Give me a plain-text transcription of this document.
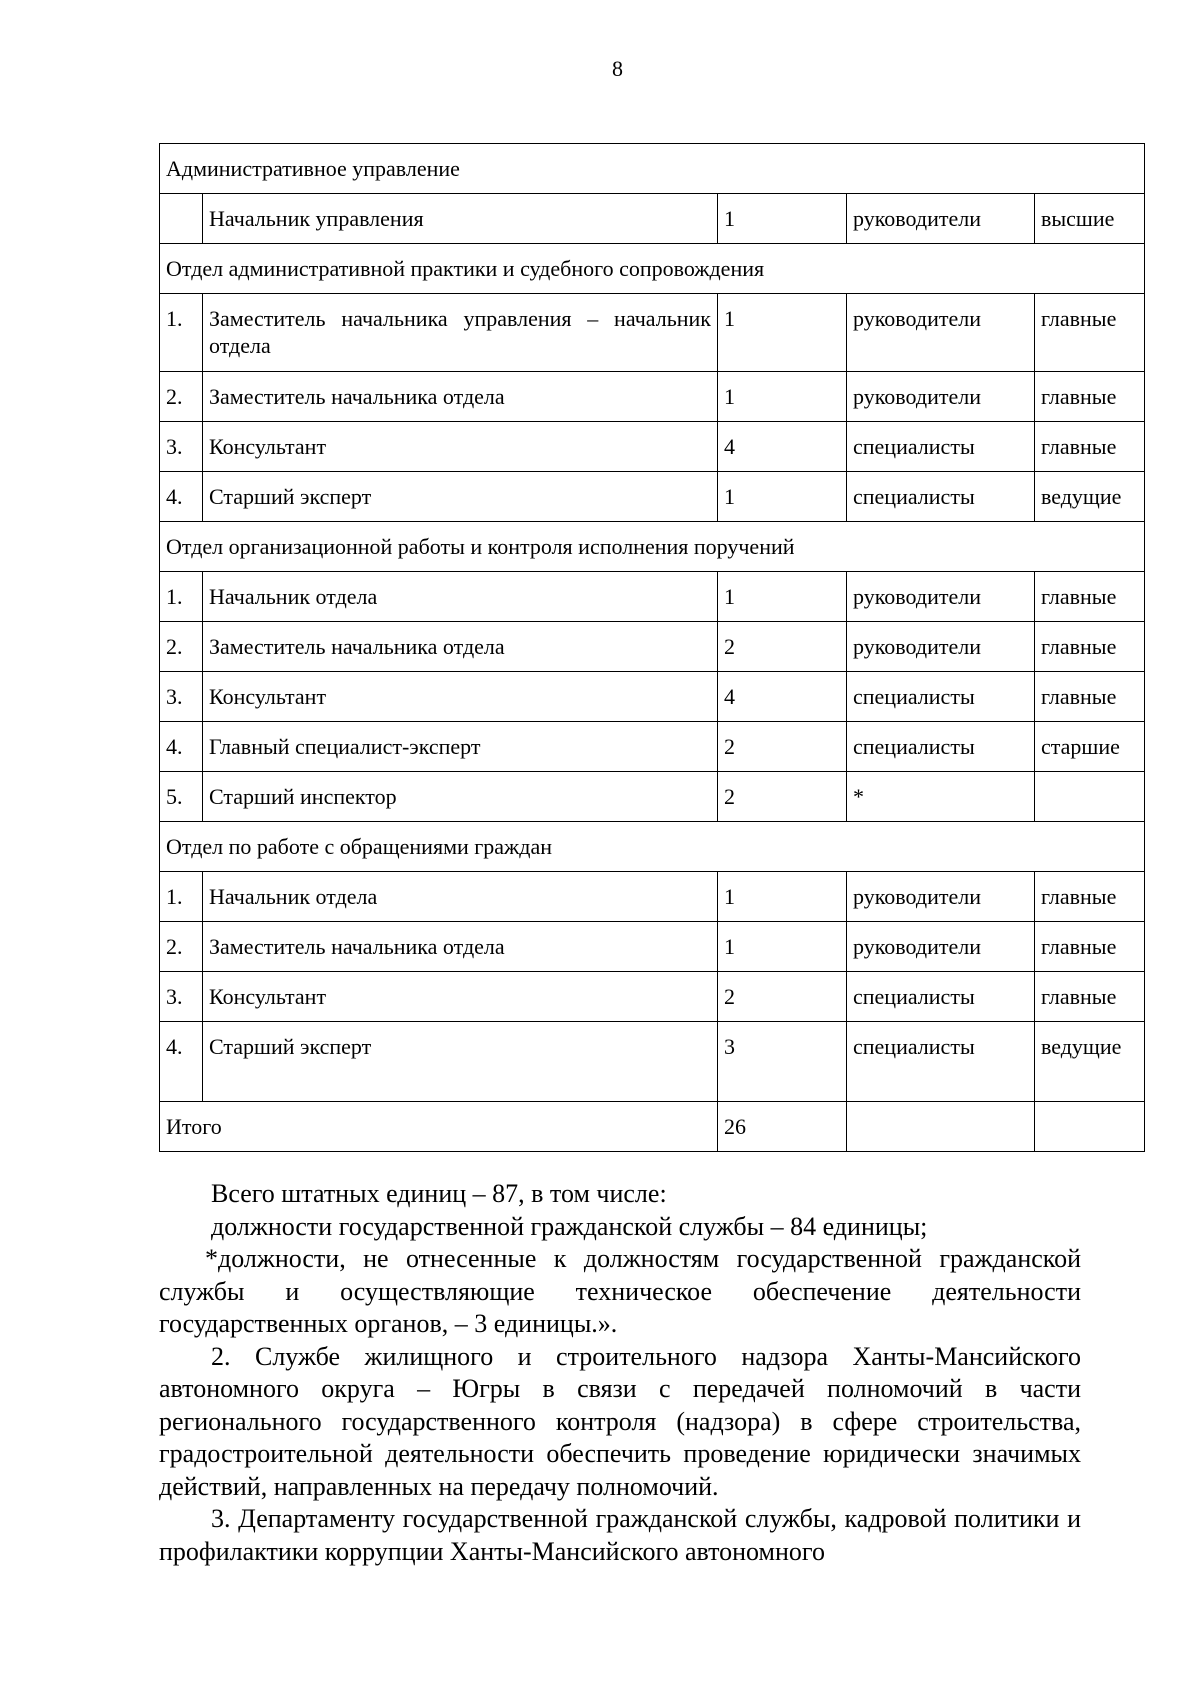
8
Административное управление				
	Начальник управления	1	руководители	высшие
Отдел административной практики и судебного сопровождения				
1.	Заместитель начальника управления – начальник отдела	1	руководители	главные
2.	Заместитель начальника отдела	1	руководители	главные
3.	Консультант	4	специалисты	главные
4.	Старший эксперт	1	специалисты	ведущие
Отдел организационной работы и контроля исполнения поручений				
1.	Начальник отдела	1	руководители	главные
2.	Заместитель начальника отдела	2	руководители	главные
3.	Консультант	4	специалисты	главные
4.	Главный специалист-эксперт	2	специалисты	старшие
5.	Старший инспектор	2	*	
Отдел по работе с обращениями граждан				
1.	Начальник отдела	1	руководители	главные
2.	Заместитель начальника отдела	1	руководители	главные
3.	Консультант	2	специалисты	главные
4.	Старший эксперт	3	специалисты	ведущие
Итого		26		

Всего штатных единиц – 87, в том числе:

должности государственной гражданской службы – 84 единицы;

*должности, не отнесенные к должностям государственной гражданской службы и осуществляющие техническое обеспечение деятельности государственных органов, – 3 единицы.».

2. Службе жилищного и строительного надзора Ханты-Мансийского автономного округа – Югры в связи с передачей полномочий в части регионального государственного контроля (надзора) в сфере строительства, градостроительной деятельности обеспечить проведение юридически значимых действий, направленных на передачу полномочий.

3. Департаменту государственной гражданской службы, кадровой политики и профилактики коррупции Ханты-Мансийского автономного
